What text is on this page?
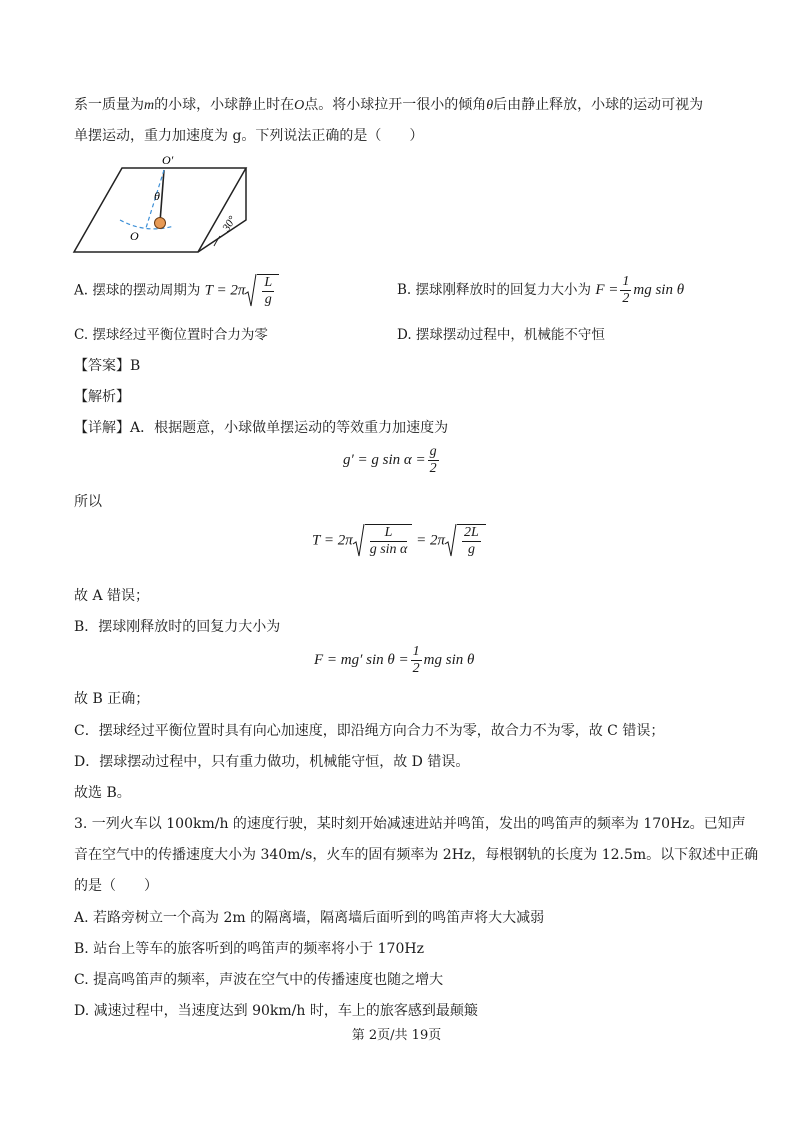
系一质量为m的小球，小球静止时在O点。将小球拉开一很小的倾角θ后由静止释放，小球的运动可视为
单摆运动，重力加速度为 g。下列说法正确的是（　　）
O′
θ
O
30°
A. 摆球的摆动周期为 $T = 2\pi \frac{L}{g}$	B. 摆球刚释放时的回复力大小为 $F = \frac{1}{2}$ mg sin θ
C. 摆球经过平衡位置时合力为零	D. 摆球摆动过程中，机械能不守恒
【答案】B
【解析】
【详解】A．根据题意，小球做单摆运动的等效重力加速度为
g′ = g $\sin \alpha = \frac{g}{2}$
所以
$T = 2\pi \frac{L}{\text{g sin α}} = 2\pi \frac{2L}{g}$
故 A 错误；
B．摆球刚释放时的回复力大小为
F = mg′ $\sin \theta = \frac{1}{2}$ mg sin θ
故 B 正确；
C．摆球经过平衡位置时具有向心加速度，即沿绳方向合力不为零，故合力不为零，故 C 错误；
D．摆球摆动过程中，只有重力做功，机械能守恒，故 D 错误。
故选 B。
3. 一列火车以 100km/h 的速度行驶，某时刻开始减速进站并鸣笛，发出的鸣笛声的频率为 170Hz。已知声
音在空气中的传播速度大小为 340m/s，火车的固有频率为 2Hz，每根钢轨的长度为 12.5m。以下叙述中正确
的是（　　）
A. 若路旁树立一个高为 2m 的隔离墙，隔离墙后面听到的鸣笛声将大大减弱
B. 站台上等车的旅客听到的鸣笛声的频率将小于 170Hz
C. 提高鸣笛声的频率，声波在空气中的传播速度也随之增大
D. 减速过程中，当速度达到 90km/h 时，车上的旅客感到最颠簸
第 2页/共 19页
